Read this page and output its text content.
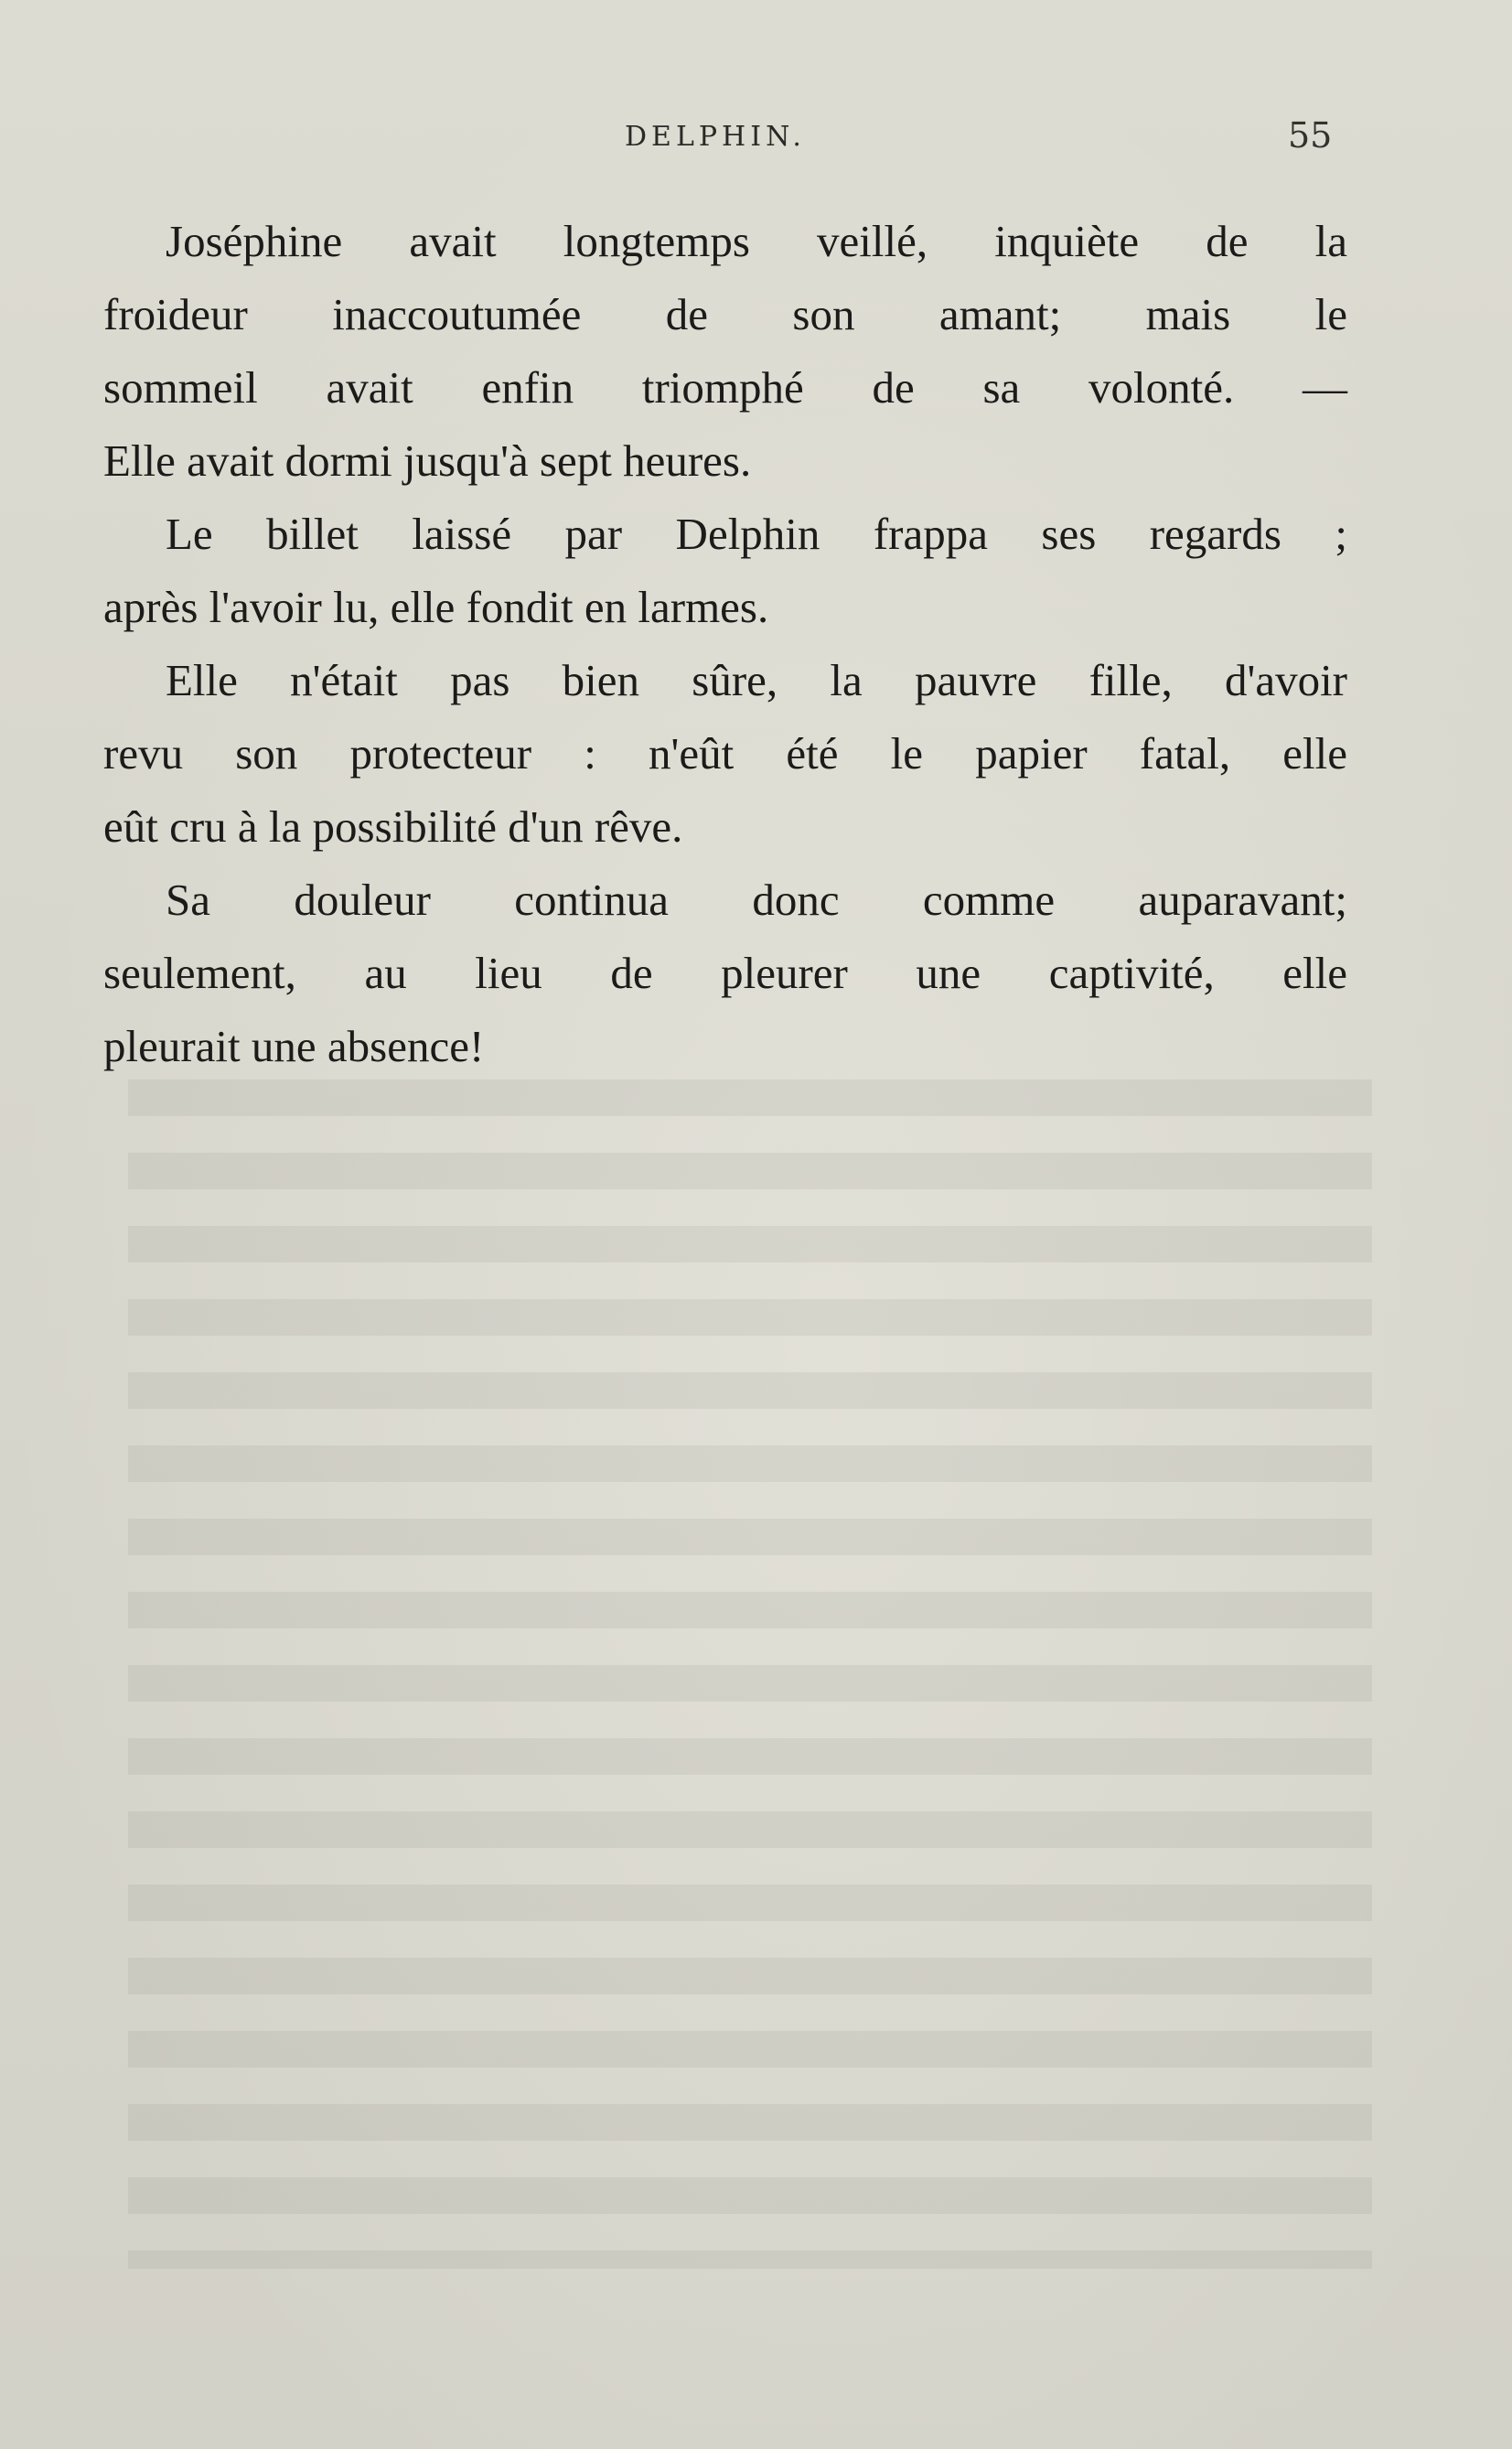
DELPHIN.	55
Joséphine avait longtemps veillé, inquiète de la
froideur inaccoutumée de son amant; mais le
sommeil avait enfin triomphé de sa volonté. —
Elle avait dormi jusqu'à sept heures.
Le billet laissé par Delphin frappa ses regards ;
après l'avoir lu, elle fondit en larmes.
Elle n'était pas bien sûre, la pauvre fille, d'avoir
revu son protecteur : n'eût été le papier fatal, elle
eût cru à la possibilité d'un rêve.
Sa douleur continua donc comme auparavant;
seulement, au lieu de pleurer une captivité, elle
pleurait une absence!
